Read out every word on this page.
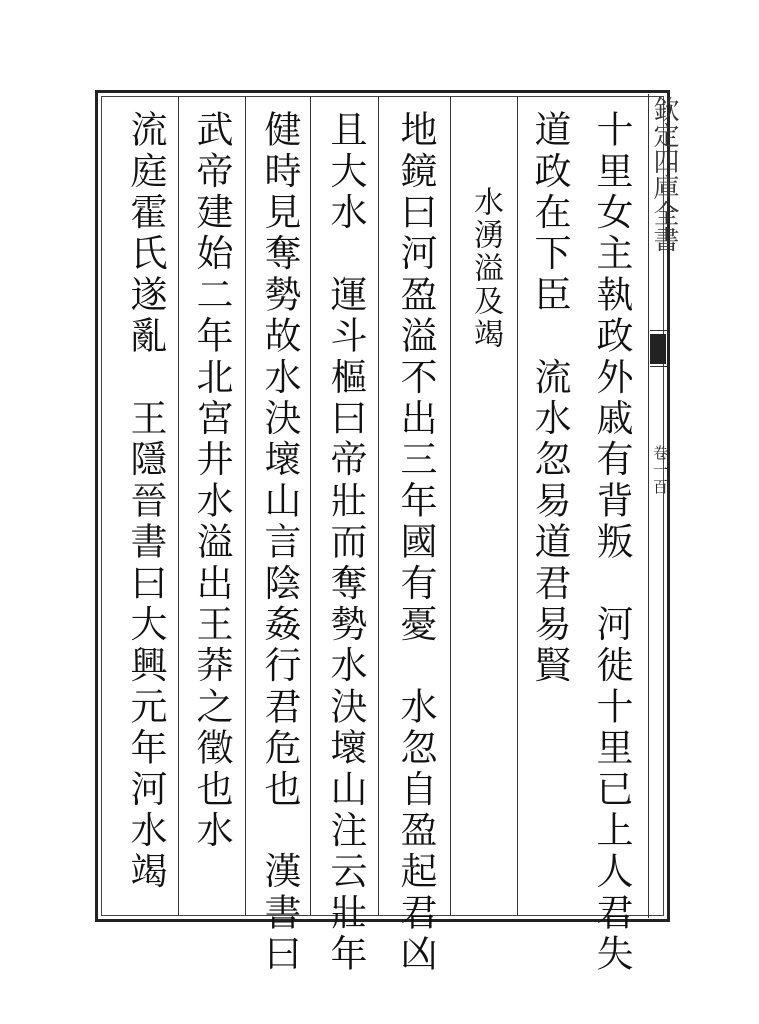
欽定四庫全書
卷一百
十里女主執政外戚有背叛　河徙十里已上人君失
道政在下臣　流水忽易道君易賢
水湧溢及竭
地鏡曰河盈溢不出三年國有憂　水忽自盈起君凶
且大水　運斗樞曰帝壯而奪勢水決壞山注云壯年
健時見奪勢故水決壞山言陰姦行君危也　漢書曰
武帝建始二年北宮井水溢出王莽之徵也水
流庭霍氏遂亂　王隱晉書曰大興元年河水竭
